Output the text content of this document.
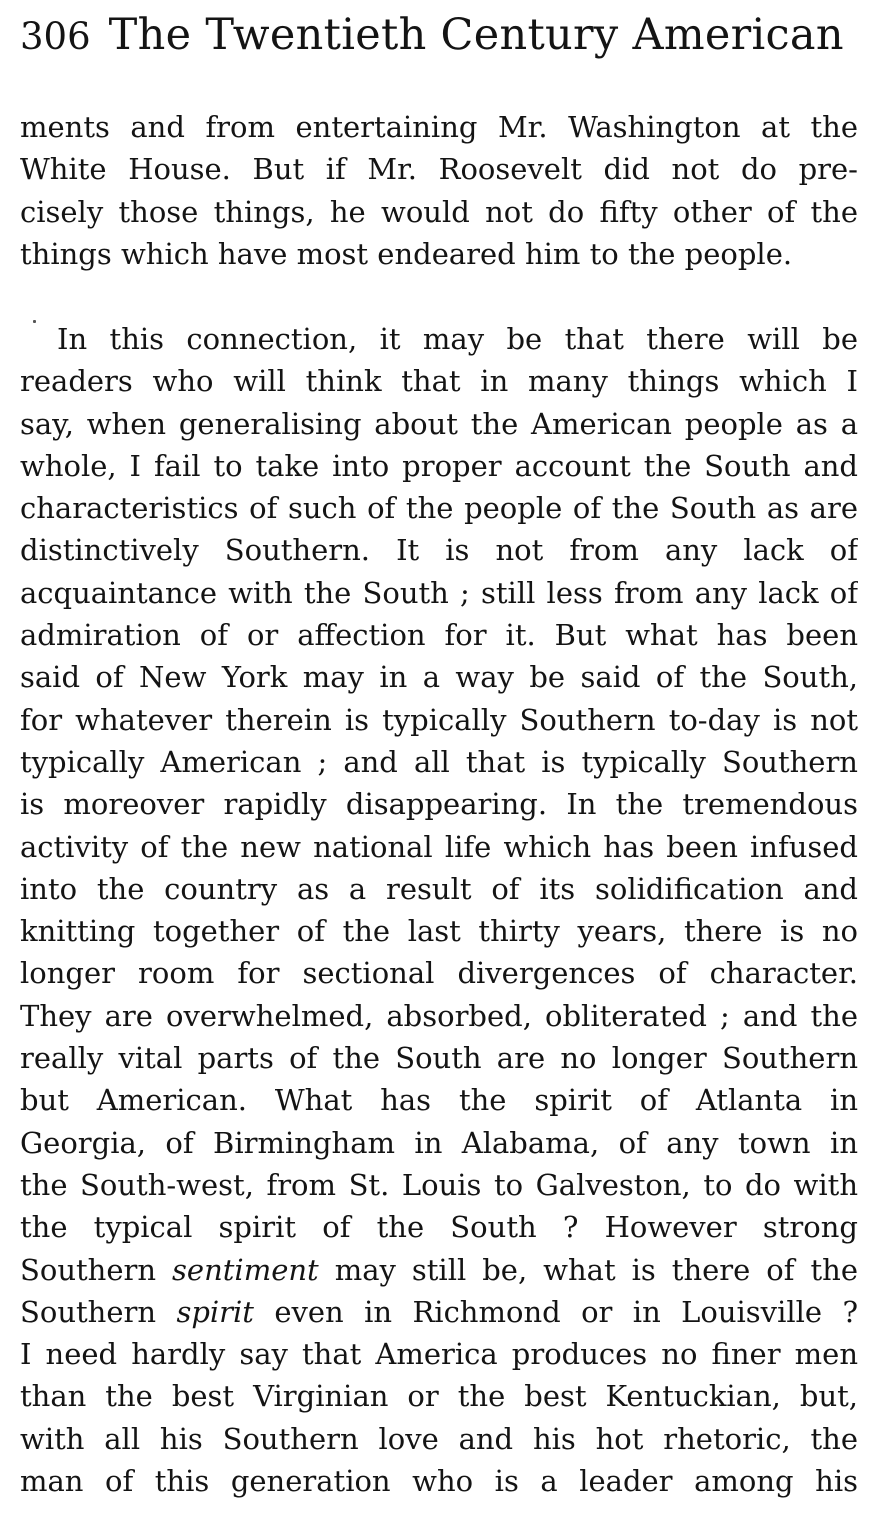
306 The Twentieth Century American
ments and from entertaining Mr. Washington at the
White House. But if Mr. Roosevelt did not do pre-
cisely those things, he would not do fifty other of the
things which have most endeared him to the people.
In this connection, it may be that there will be
readers who will think that in many things which I
say, when generalising about the American people as a
whole, I fail to take into proper account the South and
characteristics of such of the people of the South as are
distinctively Southern. It is not from any lack of
acquaintance with the South ; still less from any lack of
admiration of or affection for it. But what has been
said of New York may in a way be said of the South,
for whatever therein is typically Southern to-day is not
typically American ; and all that is typically Southern
is moreover rapidly disappearing. In the tremendous
activity of the new national life which has been infused
into the country as a result of its solidification and
knitting together of the last thirty years, there is no
longer room for sectional divergences of character.
They are overwhelmed, absorbed, obliterated ; and the
really vital parts of the South are no longer Southern
but American. What has the spirit of Atlanta in
Georgia, of Birmingham in Alabama, of any town in
the South-west, from St. Louis to Galveston, to do with
the typical spirit of the South ? However strong
Southern sentiment may still be, what is there of the
Southern spirit even in Richmond or in Louisville ?
I need hardly say that America produces no finer men
than the best Virginian or the best Kentuckian, but,
with all his Southern love and his hot rhetoric, the
man of this generation who is a leader among his
